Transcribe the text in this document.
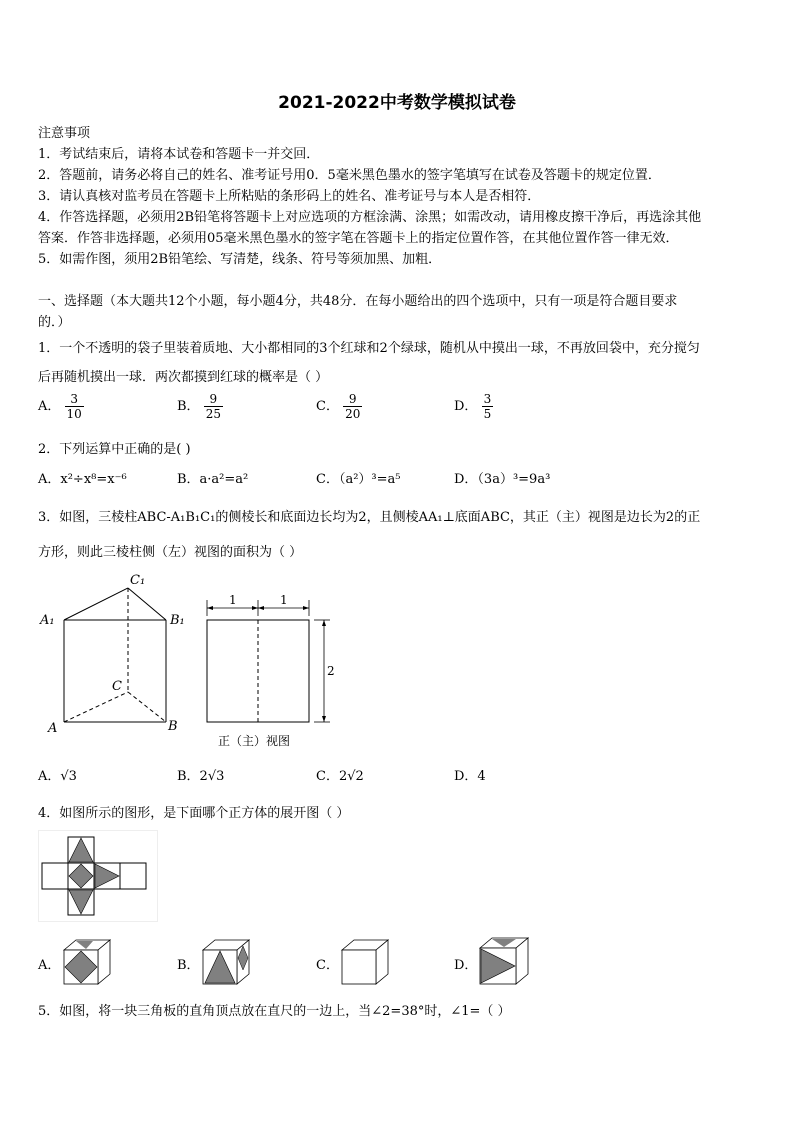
2021-2022中考数学模拟试卷
注意事项
1．考试结束后，请将本试卷和答题卡一并交回．
2．答题前，请务必将自己的姓名、准考证号用0．5毫米黑色墨水的签字笔填写在试卷及答题卡的规定位置．
3．请认真核对监考员在答题卡上所粘贴的条形码上的姓名、准考证号与本人是否相符．
4．作答选择题，必须用2B铅笔将答题卡上对应选项的方框涂满、涂黑；如需改动，请用橡皮擦干净后，再选涂其他
答案．作答非选择题，必须用05毫米黑色墨水的签字笔在答题卡上的指定位置作答，在其他位置作答一律无效．
5．如需作图，须用2B铅笔绘、写清楚，线条、符号等须加黑、加粗．
一、选择题（本大题共12个小题，每小题4分，共48分．在每小题给出的四个选项中，只有一项是符合题目要求
的．）
1．一个不透明的袋子里装着质地、大小都相同的3个红球和2个绿球，随机从中摸出一球，不再放回袋中，充分搅匀
后再随机摸出一球．两次都摸到红球的概率是（ ）
A． $\frac{3}{10}$	B． $\frac{9}{25}$	C． $\frac{9}{20}$	D． $\frac{3}{5}$
2．下列运算中正确的是( )
A．x²÷x⁸=x⁻⁶	B．a·a²=a²	C．（a²）³=a⁵	D．（3a）³=9a³
3．如图，三棱柱ABC-A₁B₁C₁的侧棱长和底面边长均为2，且侧棱AA₁⊥底面ABC，其正（主）视图是边长为2的正
方形，则此三棱柱侧（左）视图的面积为（ ）
C₁
A₁	B₁
C
A	B
1	1
2
正（主）视图
A．√3	B．2√3	C．2√2	D．4
4．如图所示的图形，是下面哪个正方体的展开图（ ）
A．	B．	C．	D．
5．如图，将一块三角板的直角顶点放在直尺的一边上，当∠2=38°时，∠1=（ ）
